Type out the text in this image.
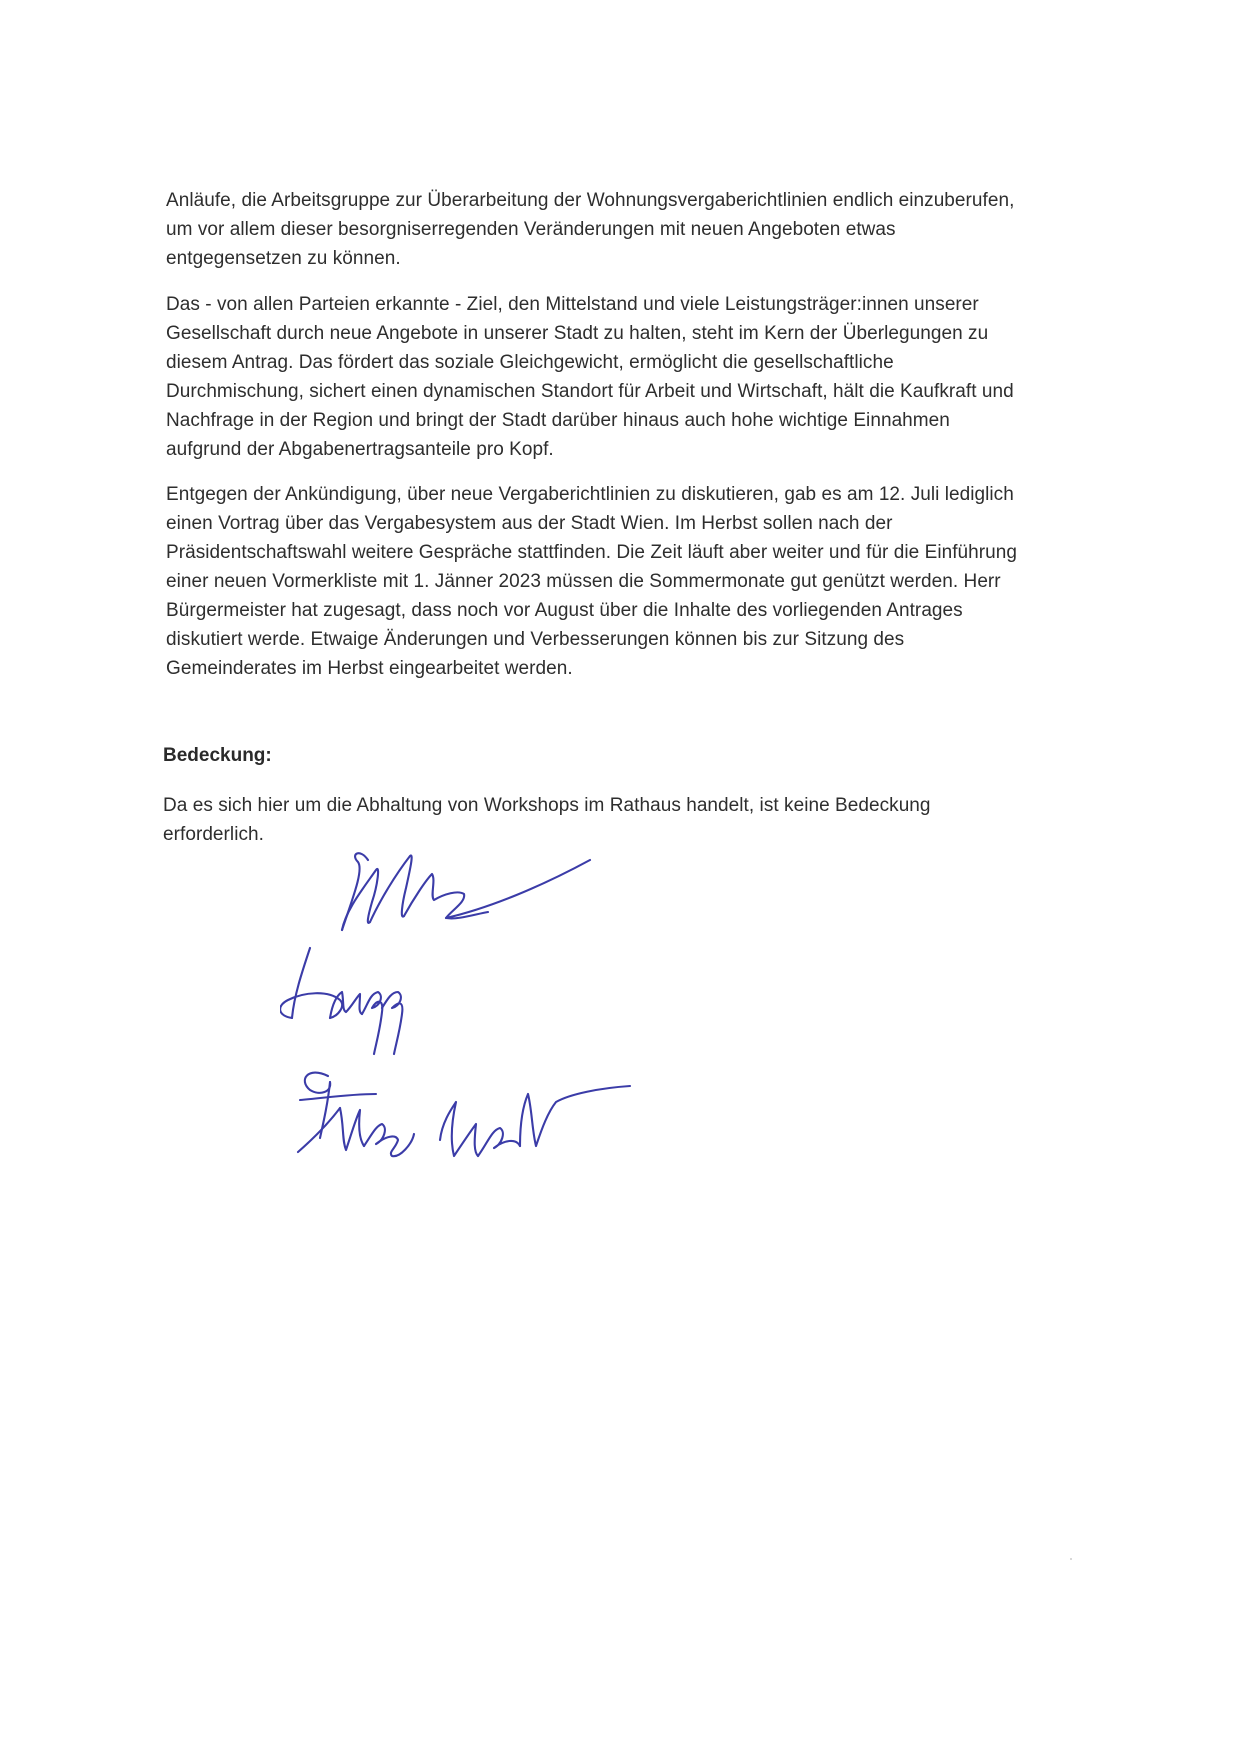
Anläufe, die Arbeitsgruppe zur Überarbeitung der Wohnungsvergaberichtlinien endlich einzuberufen,
um vor allem dieser besorgniserregenden Veränderungen mit neuen Angeboten etwas
entgegensetzen zu können.
Das - von allen Parteien erkannte - Ziel, den Mittelstand und viele Leistungsträger:innen unserer
Gesellschaft durch neue Angebote in unserer Stadt zu halten, steht im Kern der Überlegungen zu
diesem Antrag. Das fördert das soziale Gleichgewicht, ermöglicht die gesellschaftliche
Durchmischung, sichert einen dynamischen Standort für Arbeit und Wirtschaft, hält die Kaufkraft und
Nachfrage in der Region und bringt der Stadt darüber hinaus auch hohe wichtige Einnahmen
aufgrund der Abgabenertragsanteile pro Kopf.
Entgegen der Ankündigung, über neue Vergaberichtlinien zu diskutieren, gab es am 12. Juli lediglich
einen Vortrag über das Vergabesystem aus der Stadt Wien. Im Herbst sollen nach der
Präsidentschaftswahl weitere Gespräche stattfinden. Die Zeit läuft aber weiter und für die Einführung
einer neuen Vormerkliste mit 1. Jänner 2023 müssen die Sommermonate gut genützt werden. Herr
Bürgermeister hat zugesagt, dass noch vor August über die Inhalte des vorliegenden Antrages
diskutiert werde. Etwaige Änderungen und Verbesserungen können bis zur Sitzung des
Gemeinderates im Herbst eingearbeitet werden.
Bedeckung:
Da es sich hier um die Abhaltung von Workshops im Rathaus handelt, ist keine Bedeckung
erforderlich.
